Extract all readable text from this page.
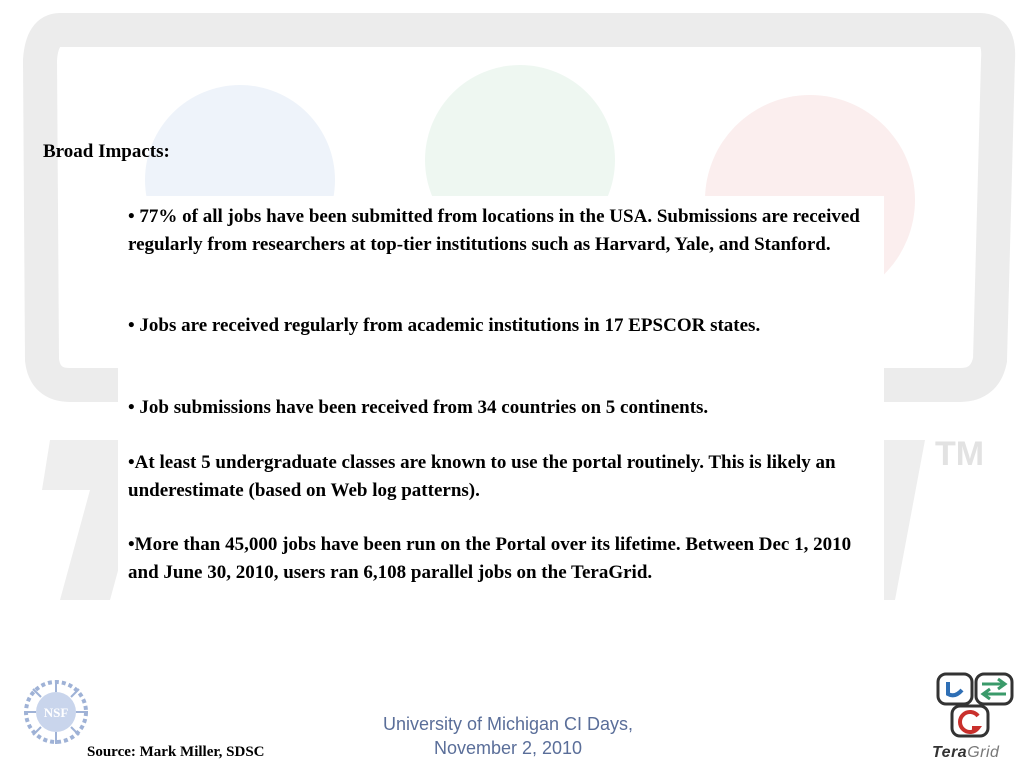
TM
Broad Impacts:
• 77% of all jobs have been submitted from locations in the USA. Submissions are received regularly from researchers at top-tier institutions such as Harvard, Yale, and Stanford.
• Jobs are received regularly from academic institutions in 17 EPSCOR states.
• Job submissions have been received from 34 countries on 5 continents.
•At least 5 undergraduate classes are known to use the portal routinely. This is likely an underestimate (based on Web log patterns).
•More than 45,000 jobs have been run on the Portal over its lifetime. Between Dec 1, 2010 and June 30, 2010, users ran 6,108 parallel jobs on the TeraGrid.
NSF
Source: Mark Miller, SDSC
University of Michigan CI Days,
November 2, 2010	TeraGrid
